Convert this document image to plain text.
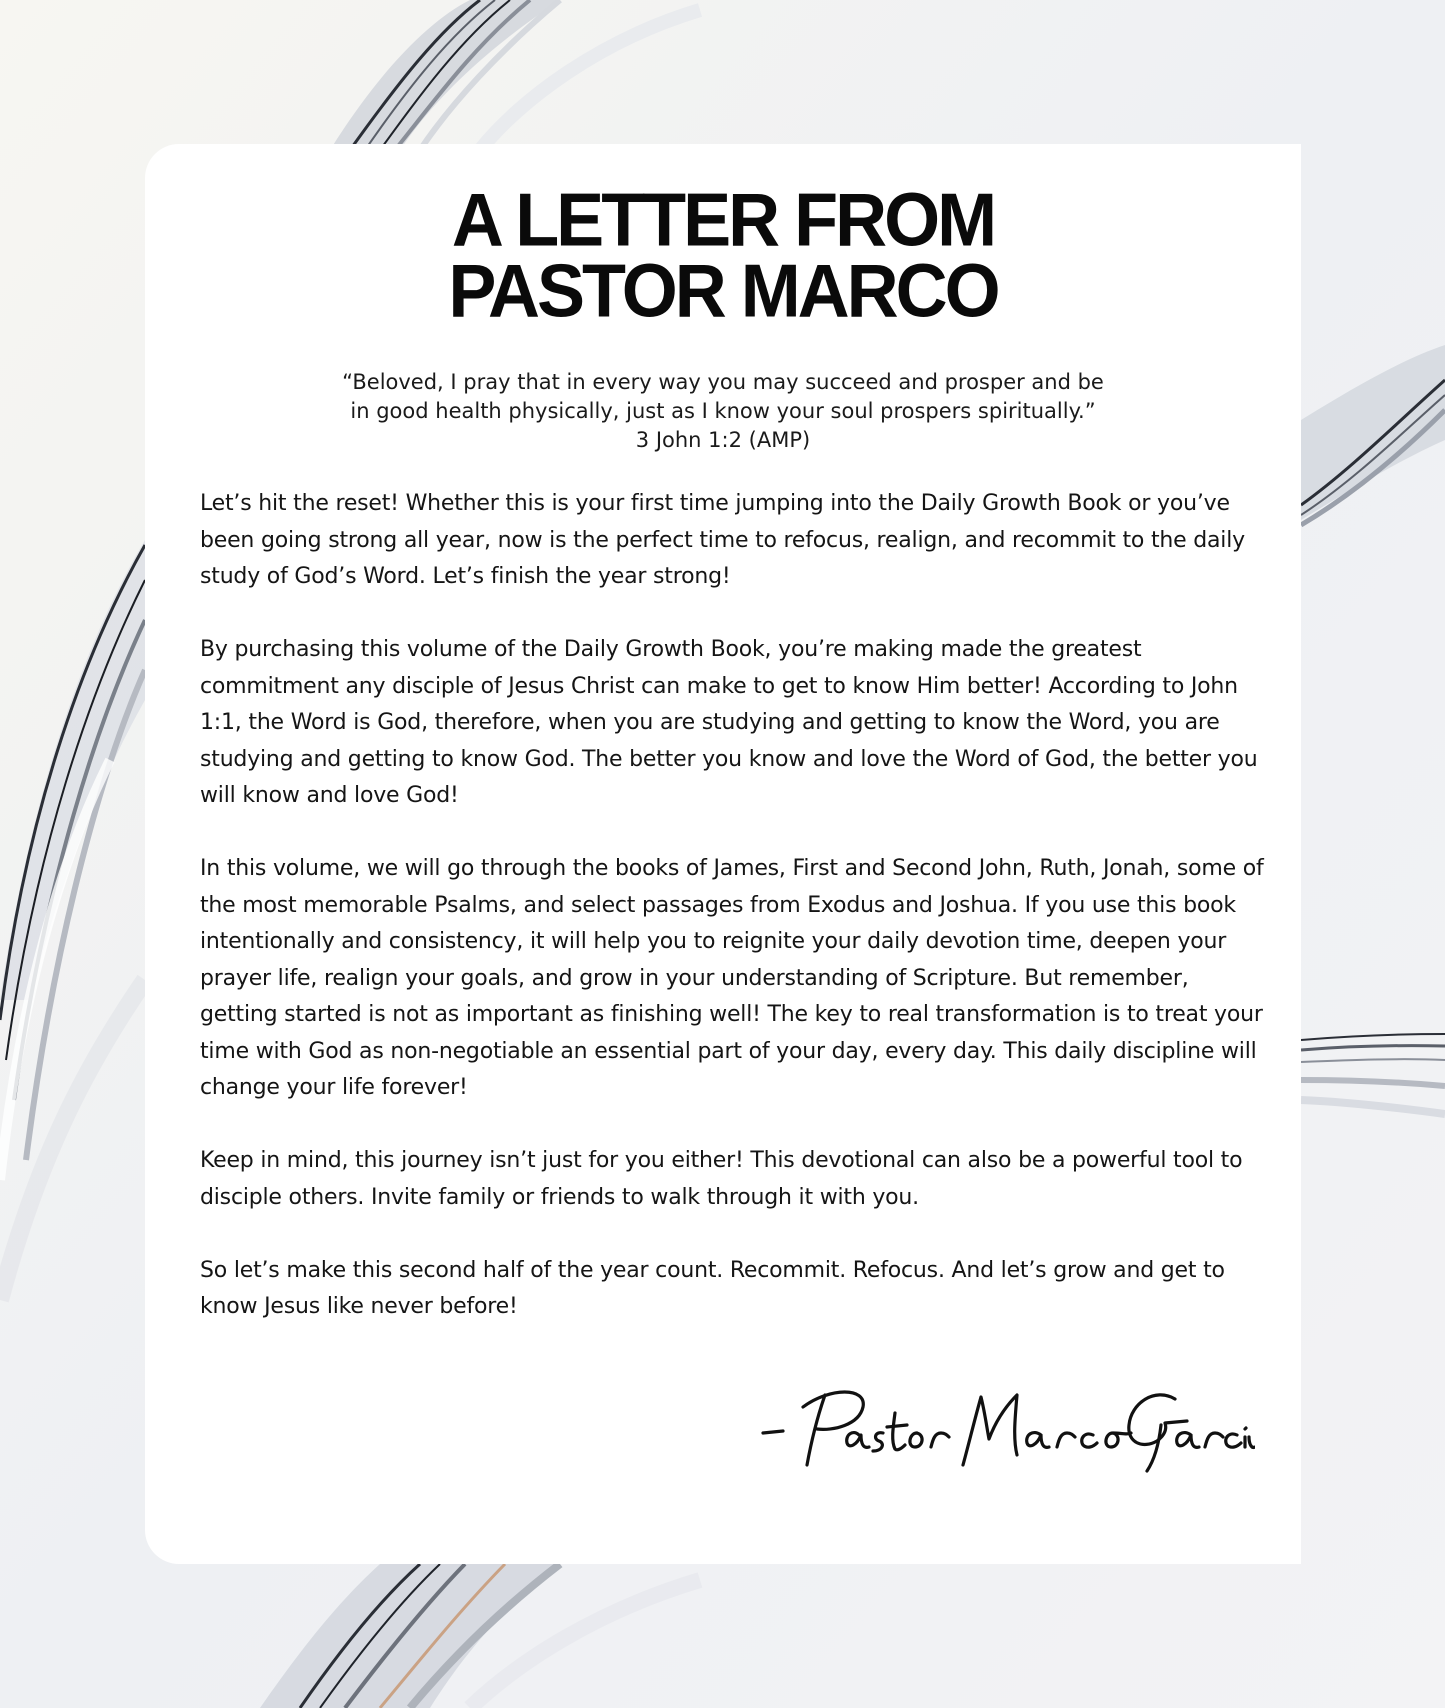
A LETTER FROM
PASTOR MARCO
“Beloved, I pray that in every way you may succeed and prosper and be
in good health physically, just as I know your soul prospers spiritually.”
3 John 1:2 (AMP)

Let’s hit the reset! Whether this is your first time jumping into the Daily Growth Book or you’ve been going strong all year, now is the perfect time to refocus, realign, and recommit to the daily study of God’s Word. Let’s finish the year strong!

By purchasing this volume of the Daily Growth Book, you’re making made the greatest commitment any disciple of Jesus Christ can make to get to know Him better! According to John 1:1, the Word is God, therefore, when you are studying and getting to know the Word, you are studying and getting to know God. The better you know and love the Word of God, the better you will know and love God!

In this volume, we will go through the books of James, First and Second John, Ruth, Jonah, some of the most memorable Psalms, and select passages from Exodus and Joshua. If you use this book intentionally and consistency, it will help you to reignite your daily devotion time, deepen your prayer life, realign your goals, and grow in your understanding of Scripture. But remember, getting started is not as important as finishing well! The key to real transformation is to treat your time with God as non-negotiable an essential part of your day, every day. This daily discipline will change your life forever!

Keep in mind, this journey isn’t just for you either! This devotional can also be a powerful tool to disciple others. Invite family or friends to walk through it with you.

So let’s make this second half of the year count. Recommit. Refocus. And let’s grow and get to know Jesus like never before!
